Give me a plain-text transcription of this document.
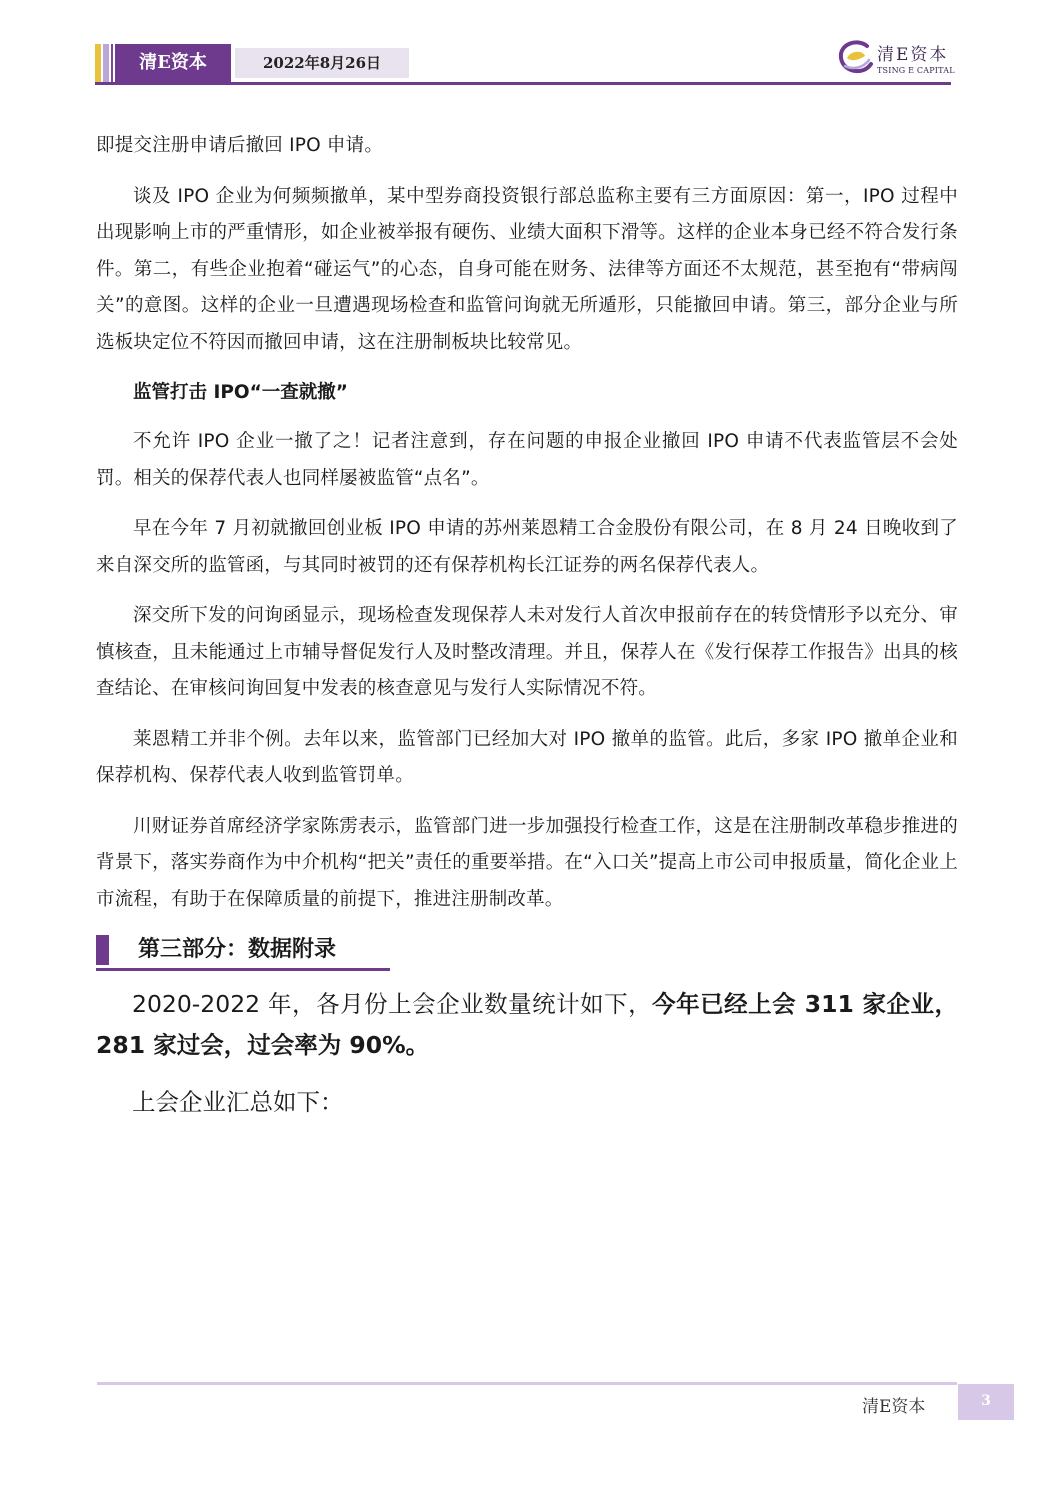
清E资本	2022年8月26日	清E资本
TSING E CAPITAL

即提交注册申请后撤回 IPO 申请。

谈及 IPO 企业为何频频撤单，某中型券商投资银行部总监称主要有三方面原因：第一，IPO 过程中出现影响上市的严重情形，如企业被举报有硬伤、业绩大面积下滑等。这样的企业本身已经不符合发行条件。第二，有些企业抱着“碰运气”的心态，自身可能在财务、法律等方面还不太规范，甚至抱有“带病闯关”的意图。这样的企业一旦遭遇现场检查和监管问询就无所遁形，只能撤回申请。第三，部分企业与所选板块定位不符因而撤回申请，这在注册制板块比较常见。

监管打击 IPO“一查就撤”

不允许 IPO 企业一撤了之！记者注意到，存在问题的申报企业撤回 IPO 申请不代表监管层不会处罚。相关的保荐代表人也同样屡被监管“点名”。

早在今年 7 月初就撤回创业板 IPO 申请的苏州莱恩精工合金股份有限公司，在 8 月 24 日晚收到了来自深交所的监管函，与其同时被罚的还有保荐机构长江证券的两名保荐代表人。

深交所下发的问询函显示，现场检查发现保荐人未对发行人首次申报前存在的转贷情形予以充分、审慎核查，且未能通过上市辅导督促发行人及时整改清理。并且，保荐人在《发行保荐工作报告》出具的核查结论、在审核问询回复中发表的核查意见与发行人实际情况不符。

莱恩精工并非个例。去年以来，监管部门已经加大对 IPO 撤单的监管。此后，多家 IPO 撤单企业和保荐机构、保荐代表人收到监管罚单。

川财证券首席经济学家陈雳表示，监管部门进一步加强投行检查工作，这是在注册制改革稳步推进的背景下，落实券商作为中介机构“把关”责任的重要举措。在“入口关”提高上市公司申报质量，简化企业上市流程，有助于在保障质量的前提下，推进注册制改革。

第三部分：数据附录

2020-2022 年，各月份上会企业数量统计如下，今年已经上会 311 家企业，281 家过会，过会率为 90%。

上会企业汇总如下：

清E资本	3
